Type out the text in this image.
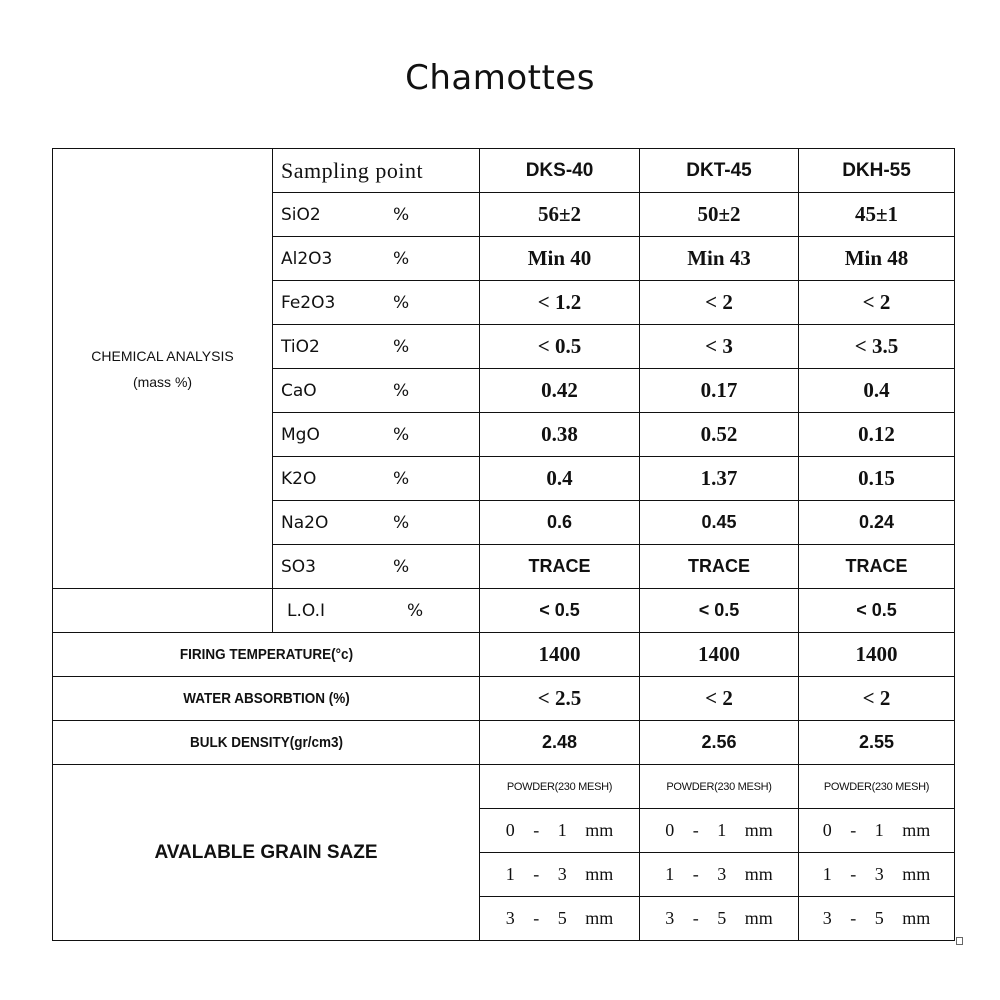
Chamottes
CHEMICAL ANALYSIS
(mass %)	Sampling point	DKS-40	DKT-45	DKH-55
	SiO2 %	56±2	50±2	45±1
	Al2O3 %	Min 40	Min 43	Min 48
	Fe2O3 %	< 1.2	< 2	< 2
	TiO2 %	< 0.5	< 3	< 3.5
	CaO %	0.42	0.17	0.4
	MgO %	0.38	0.52	0.12
	K2O %	0.4	1.37	0.15
	Na2O %	0.6	0.45	0.24
	SO3 %	TRACE	TRACE	TRACE
	L.O.I %	< 0.5	< 0.5	< 0.5
FIRING TEMPERATURE(°c)		1400	1400	1400
WATER ABSORBTION (%)		< 2.5	< 2	< 2
BULK DENSITY(gr/cm3)		2.48	2.56	2.55
AVALABLE GRAIN SAZE		POWDER(230 MESH)	POWDER(230 MESH)	POWDER(230 MESH)
		0 - 1 mm	0 - 1 mm	0 - 1 mm
		1 - 3 mm	1 - 3 mm	1 - 3 mm
		3 - 5 mm	3 - 5 mm	3 - 5 mm
